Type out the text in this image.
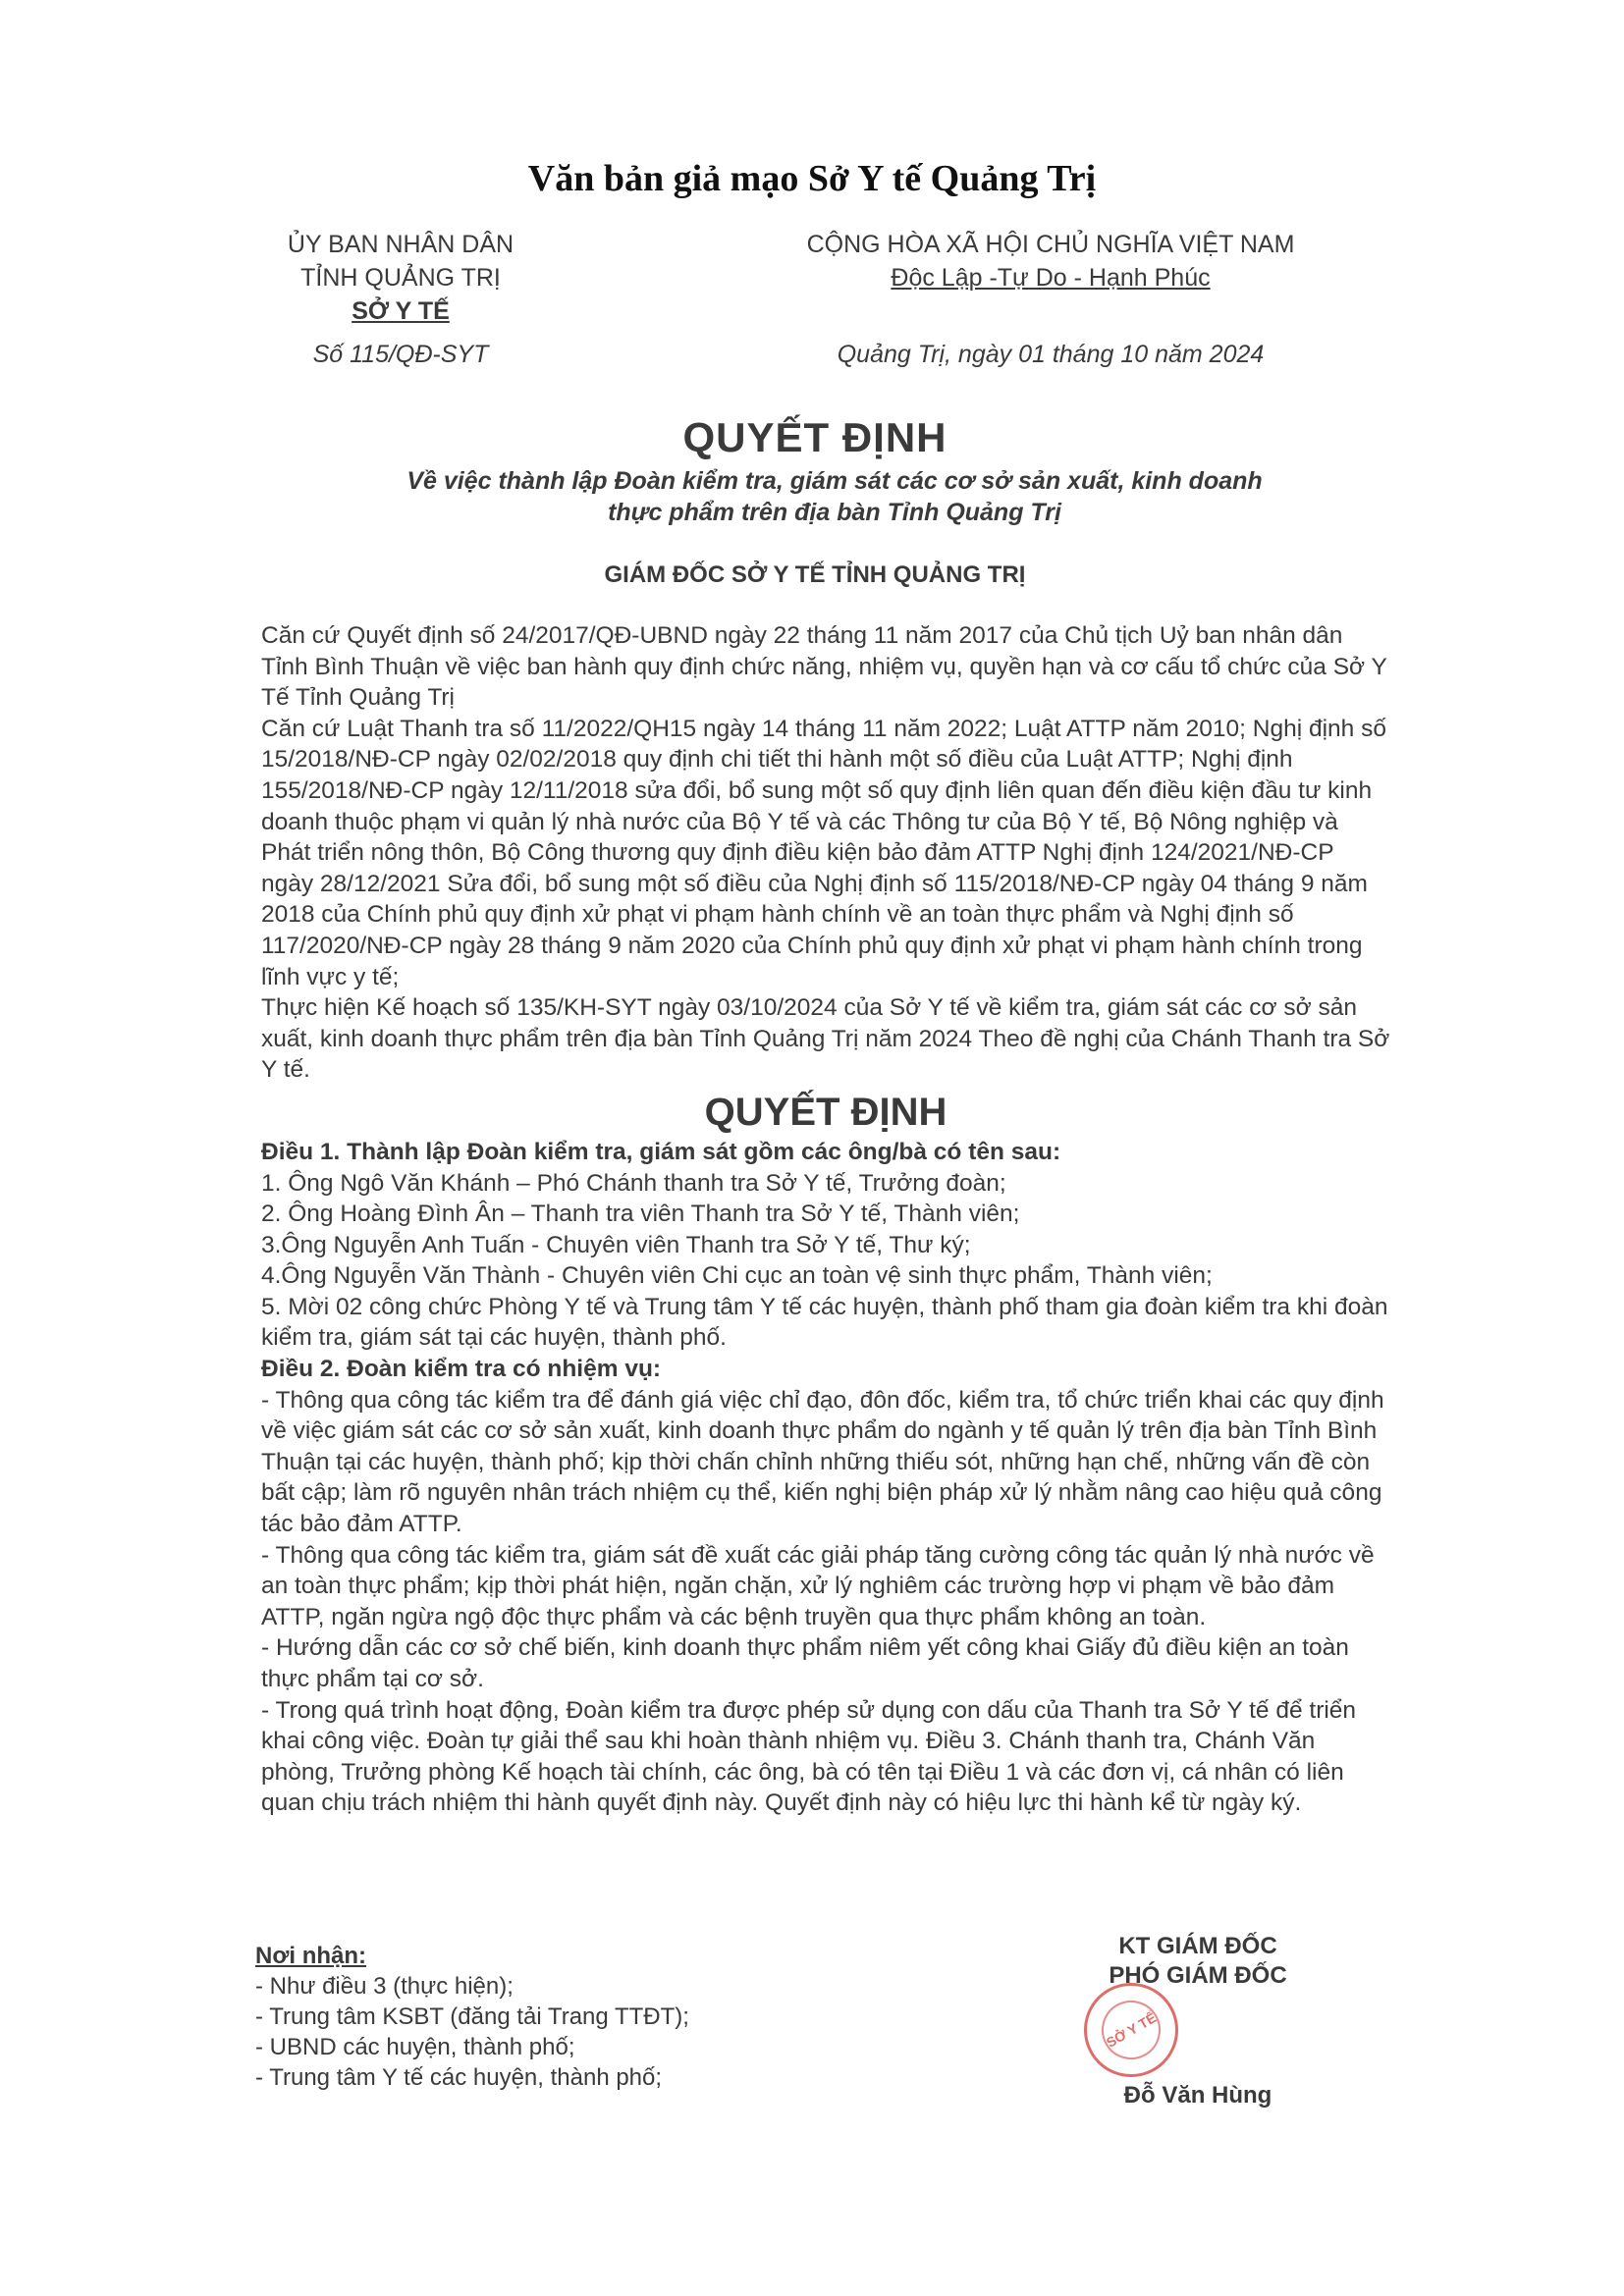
Văn bản giả mạo Sở Y tế Quảng Trị
ỦY BAN NHÂN DÂN
TỈNH QUẢNG TRỊ
SỞ Y TẾ
Số 115/QĐ-SYT
CỘNG HÒA XÃ HỘI CHỦ NGHĨA VIỆT NAM
Độc Lập -Tự Do - Hạnh Phúc
Quảng Trị, ngày 01 tháng 10 năm 2024
QUYẾT ĐỊNH
Về việc thành lập Đoàn kiểm tra, giám sát các cơ sở sản xuất, kinh doanh
thực phẩm trên địa bàn Tỉnh Quảng Trị
GIÁM ĐỐC SỞ Y TẾ TỈNH QUẢNG TRỊ

Căn cứ Quyết định số 24/2017/QĐ-UBND ngày 22 tháng 11 năm 2017 của Chủ tịch Uỷ ban nhân dân Tỉnh Bình Thuận về việc ban hành quy định chức năng, nhiệm vụ, quyền hạn và cơ cấu tổ chức của Sở Y Tế Tỉnh Quảng Trị

Căn cứ Luật Thanh tra số 11/2022/QH15 ngày 14 tháng 11 năm 2022; Luật ATTP năm 2010; Nghị định số 15/2018/NĐ-CP ngày 02/02/2018 quy định chi tiết thi hành một số điều của Luật ATTP; Nghị định 155/2018/NĐ-CP ngày 12/11/2018 sửa đổi, bổ sung một số quy định liên quan đến điều kiện đầu tư kinh doanh thuộc phạm vi quản lý nhà nước của Bộ Y tế và các Thông tư của Bộ Y tế, Bộ Nông nghiệp và Phát triển nông thôn, Bộ Công thương quy định điều kiện bảo đảm ATTP Nghị định 124/2021/NĐ-CP ngày 28/12/2021 Sửa đổi, bổ sung một số điều của Nghị định số 115/2018/NĐ-CP ngày 04 tháng 9 năm 2018 của Chính phủ quy định xử phạt vi phạm hành chính về an toàn thực phẩm và Nghị định số 117/2020/NĐ-CP ngày 28 tháng 9 năm 2020 của Chính phủ quy định xử phạt vi phạm hành chính trong lĩnh vực y tế;

Thực hiện Kế hoạch số 135/KH-SYT ngày 03/10/2024 của Sở Y tế về kiểm tra, giám sát các cơ sở sản xuất, kinh doanh thực phẩm trên địa bàn Tỉnh Quảng Trị năm 2024 Theo đề nghị của Chánh Thanh tra Sở Y tế.

QUYẾT ĐỊNH

Điều 1. Thành lập Đoàn kiểm tra, giám sát gồm các ông/bà có tên sau:

1. Ông Ngô Văn Khánh – Phó Chánh thanh tra Sở Y tế, Trưởng đoàn;

2. Ông Hoàng Đình Ân – Thanh tra viên Thanh tra Sở Y tế, Thành viên;

3.Ông Nguyễn Anh Tuấn - Chuyên viên Thanh tra Sở Y tế, Thư ký;

4.Ông Nguyễn Văn Thành - Chuyên viên Chi cục an toàn vệ sinh thực phẩm, Thành viên;

5. Mời 02 công chức Phòng Y tế và Trung tâm Y tế các huyện, thành phố tham gia đoàn kiểm tra khi đoàn kiểm tra, giám sát tại các huyện, thành phố.

Điều 2. Đoàn kiểm tra có nhiệm vụ:

- Thông qua công tác kiểm tra để đánh giá việc chỉ đạo, đôn đốc, kiểm tra, tổ chức triển khai các quy định về việc giám sát các cơ sở sản xuất, kinh doanh thực phẩm do ngành y tế quản lý trên địa bàn Tỉnh Bình Thuận tại các huyện, thành phố; kịp thời chấn chỉnh những thiếu sót, những hạn chế, những vấn đề còn bất cập; làm rõ nguyên nhân trách nhiệm cụ thể, kiến nghị biện pháp xử lý nhằm nâng cao hiệu quả công tác bảo đảm ATTP.

- Thông qua công tác kiểm tra, giám sát đề xuất các giải pháp tăng cường công tác quản lý nhà nước về an toàn thực phẩm; kịp thời phát hiện, ngăn chặn, xử lý nghiêm các trường hợp vi phạm về bảo đảm ATTP, ngăn ngừa ngộ độc thực phẩm và các bệnh truyền qua thực phẩm không an toàn.

- Hướng dẫn các cơ sở chế biến, kinh doanh thực phẩm niêm yết công khai Giấy đủ điều kiện an toàn thực phẩm tại cơ sở.

- Trong quá trình hoạt động, Đoàn kiểm tra được phép sử dụng con dấu của Thanh tra Sở Y tế để triển khai công việc. Đoàn tự giải thể sau khi hoàn thành nhiệm vụ. Điều 3. Chánh thanh tra, Chánh Văn phòng, Trưởng phòng Kế hoạch tài chính, các ông, bà có tên tại Điều 1 và các đơn vị, cá nhân có liên quan chịu trách nhiệm thi hành quyết định này. Quyết định này có hiệu lực thi hành kể từ ngày ký.

Nơi nhận:
- Như điều 3 (thực hiện);
- Trung tâm KSBT (đăng tải Trang TTĐT);
- UBND các huyện, thành phố;
- Trung tâm Y tế các huyện, thành phố;
KT GIÁM ĐỐC
PHÓ GIÁM ĐỐC
Đỗ Văn Hùng
SỞ Y TẾ
